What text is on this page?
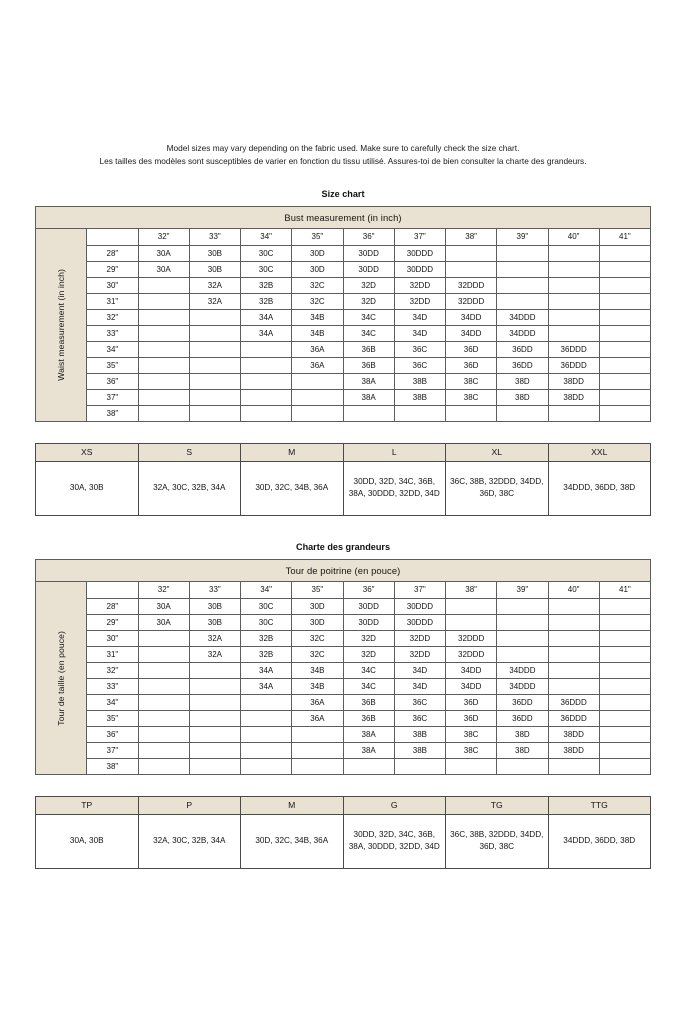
Model sizes may vary depending on the fabric used. Make sure to carefully check the size chart.
Les tailles des modèles sont susceptibles de varier en fonction du tissu utilisé. Assures-toi de bien consulter la charte des grandeurs.
Size chart
Bust measurement (in inch)											

Waist measurement (in inch)		32"	33"	34"	35"	36"	37"	38"	39"	40"	41"
	28"	30A	30B	30C	30D	30DD	30DDD				
	29"	30A	30B	30C	30D	30DD	30DDD				
	30"		32A	32B	32C	32D	32DD	32DDD			
	31"		32A	32B	32C	32D	32DD	32DDD			
	32"			34A	34B	34C	34D	34DD	34DDD		
	33"			34A	34B	34C	34D	34DD	34DDD		
	34"				36A	36B	36C	36D	36DD	36DDD	
	35"				36A	36B	36C	36D	36DD	36DDD	
	36"					38A	38B	38C	38D	38DD	
	37"					38A	38B	38C	38D	38DD	
	38"										
XS	S	M	L	XL	XXL
30A, 30B	32A, 30C, 32B, 34A	30D, 32C, 34B, 36A	30DD, 32D, 34C, 36B, 38A, 30DDD, 32DD, 34D	36C, 38B, 32DDD, 34DD, 36D, 38C	34DDD, 36DD, 38D
Charte des grandeurs
Tour de poitrine (en pouce)											

Tour de taille (en pouce)		32"	33"	34"	35"	36"	37"	38"	39"	40"	41"
	28"	30A	30B	30C	30D	30DD	30DDD				
	29"	30A	30B	30C	30D	30DD	30DDD				
	30"		32A	32B	32C	32D	32DD	32DDD			
	31"		32A	32B	32C	32D	32DD	32DDD			
	32"			34A	34B	34C	34D	34DD	34DDD		
	33"			34A	34B	34C	34D	34DD	34DDD		
	34"				36A	36B	36C	36D	36DD	36DDD	
	35"				36A	36B	36C	36D	36DD	36DDD	
	36"					38A	38B	38C	38D	38DD	
	37"					38A	38B	38C	38D	38DD	
	38"										
TP	P	M	G	TG	TTG
30A, 30B	32A, 30C, 32B, 34A	30D, 32C, 34B, 36A	30DD, 32D, 34C, 36B, 38A, 30DDD, 32DD, 34D	36C, 38B, 32DDD, 34DD, 36D, 38C	34DDD, 36DD, 38D
